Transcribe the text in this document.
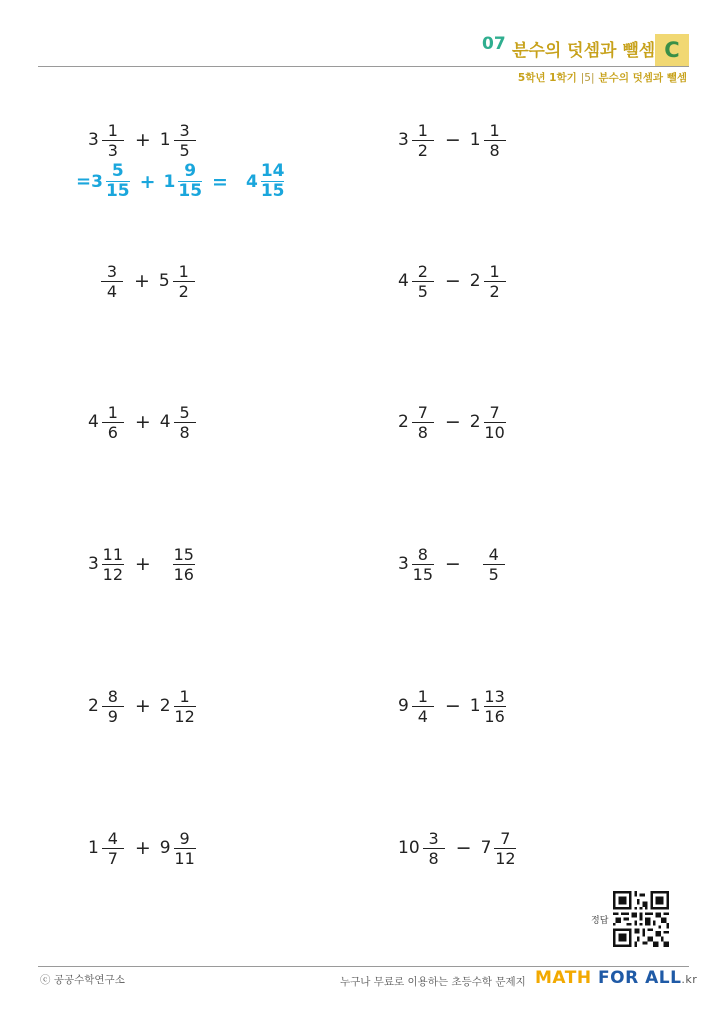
07 분수의 덧셈과 뺄셈 C
5학년 1학기 |5| 분수의 덧셈과 뺄셈
$3 \frac{1}{3} + 1 \frac{3}{5}$	$3 \frac{1}{2} - 1 \frac{1}{8}$
$\frac{3}{4} + 5 \frac{1}{2}$	$4 \frac{2}{5} - 2 \frac{1}{2}$
$4 \frac{1}{6} + 4 \frac{5}{8}$	$2 \frac{7}{8} - 2 \frac{7}{10}$
$3 \frac{11}{12} + \frac{15}{16}$	$3 \frac{8}{15} - \frac{4}{5}$
$2 \frac{8}{9} + 2 \frac{1}{12}$	$9 \frac{1}{4} - 1 \frac{13}{16}$
$1 \frac{4}{7} + 9 \frac{9}{11}$	$10 \frac{3}{8} - 7 \frac{7}{12}$
= $3 \frac{5}{15} + 1 \frac{9}{15} = 4 \frac{14}{15}$
정답
ⓒ 공공수학연구소	누구나 무료로 이용하는 초등수학 문제지 MATH FOR ALL.kr
